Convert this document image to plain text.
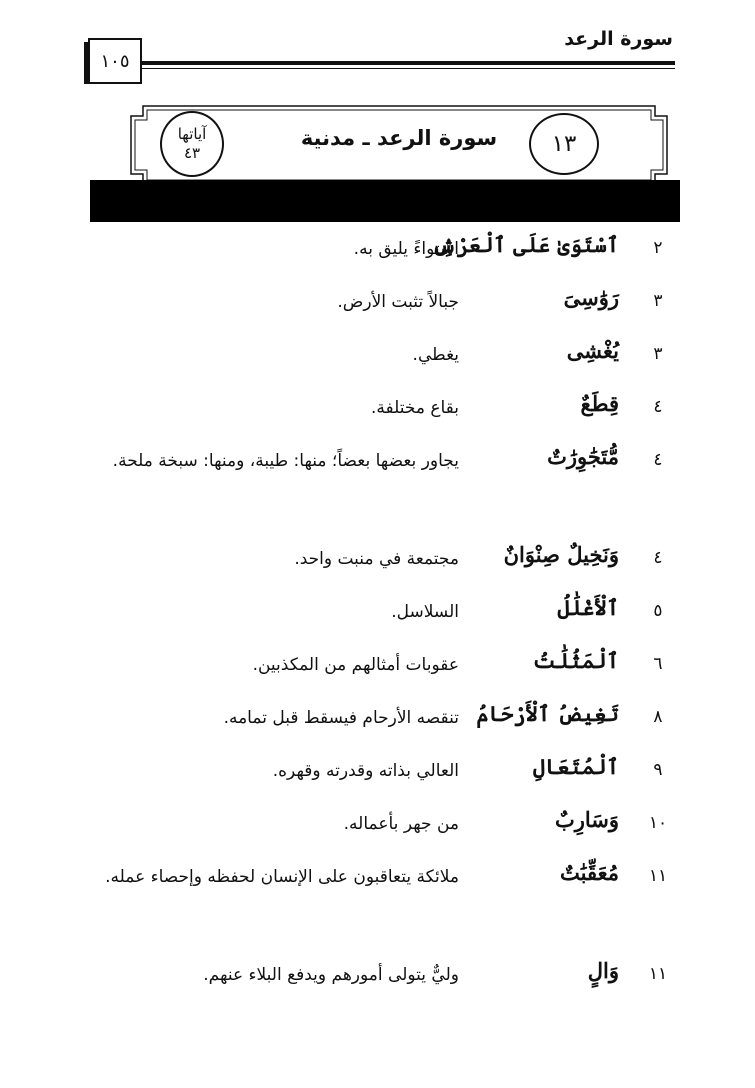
سورة الرعد
١٠٥
آياتها
٤٣
سورة الرعد ـ مدنية	١٣
٢
ٱسْتَوَىٰ عَلَى ٱلْعَرْشِ
استواءً يليق به.
٣
رَوَٰسِىَ
جبالاً تثبت الأرض.
٣
يُغْشِى
يغطي.
٤
قِطَعٌ
بقاع مختلفة.
٤
مُّتَجَٰوِرَٰتٌ
يجاور بعضها بعضاً؛ منها: طيبة، ومنها: سبخة ملحة.
٤
وَنَخِيلٌ صِنْوَانٌ
مجتمعة في منبت واحد.
٥
ٱلْأَغْلَٰلُ
السلاسل.
٦
ٱلْمَثُلَٰتُ
عقوبات أمثالهم من المكذبين.
٨
تَغِيضُ ٱلْأَرْحَامُ
تنقصه الأرحام فيسقط قبل تمامه.
٩
ٱلْمُتَعَالِ
العالي بذاته وقدرته وقهره.
١٠
وَسَارِبٌ
من جهر بأعماله.
١١
مُعَقِّبَٰتٌ
ملائكة يتعاقبون على الإنسان لحفظه وإحصاء عمله.
١١
وَالٍ
وليٌّ يتولى أمورهم ويدفع البلاء عنهم.
